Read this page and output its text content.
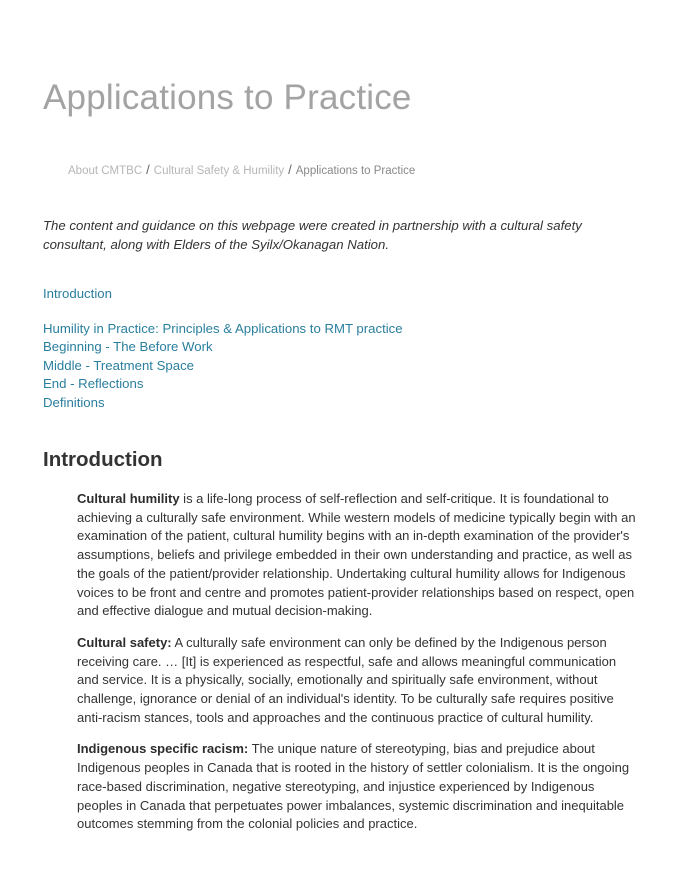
Applications to Practice
About CMTBC / Cultural Safety & Humility / Applications to Practice

The content and guidance on this webpage were created in partnership with a cultural safety consultant, along with Elders of the Syilx/Okanagan Nation.

Introduction
Humility in Practice: Principles & Applications to RMT practice
Beginning - The Before Work
Middle - Treatment Space
End - Reflections
Definitions
Introduction

Cultural humility is a life-long process of self-reflection and self-critique. It is foundational to achieving a culturally safe environment. While western models of medicine typically begin with an examination of the patient, cultural humility begins with an in-depth examination of the provider's assumptions, beliefs and privilege embedded in their own understanding and practice, as well as the goals of the patient/provider relationship. Undertaking cultural humility allows for Indigenous voices to be front and centre and promotes patient-provider relationships based on respect, open and effective dialogue and mutual decision-making.

Cultural safety: A culturally safe environment can only be defined by the Indigenous person receiving care. … [It] is experienced as respectful, safe and allows meaningful communication and service. It is a physically, socially, emotionally and spiritually safe environment, without challenge, ignorance or denial of an individual's identity. To be culturally safe requires positive anti-racism stances, tools and approaches and the continuous practice of cultural humility.

Indigenous specific racism: The unique nature of stereotyping, bias and prejudice about Indigenous peoples in Canada that is rooted in the history of settler colonialism. It is the ongoing race-based discrimination, negative stereotyping, and injustice experienced by Indigenous peoples in Canada that perpetuates power imbalances, systemic discrimination and inequitable outcomes stemming from the colonial policies and practice.
